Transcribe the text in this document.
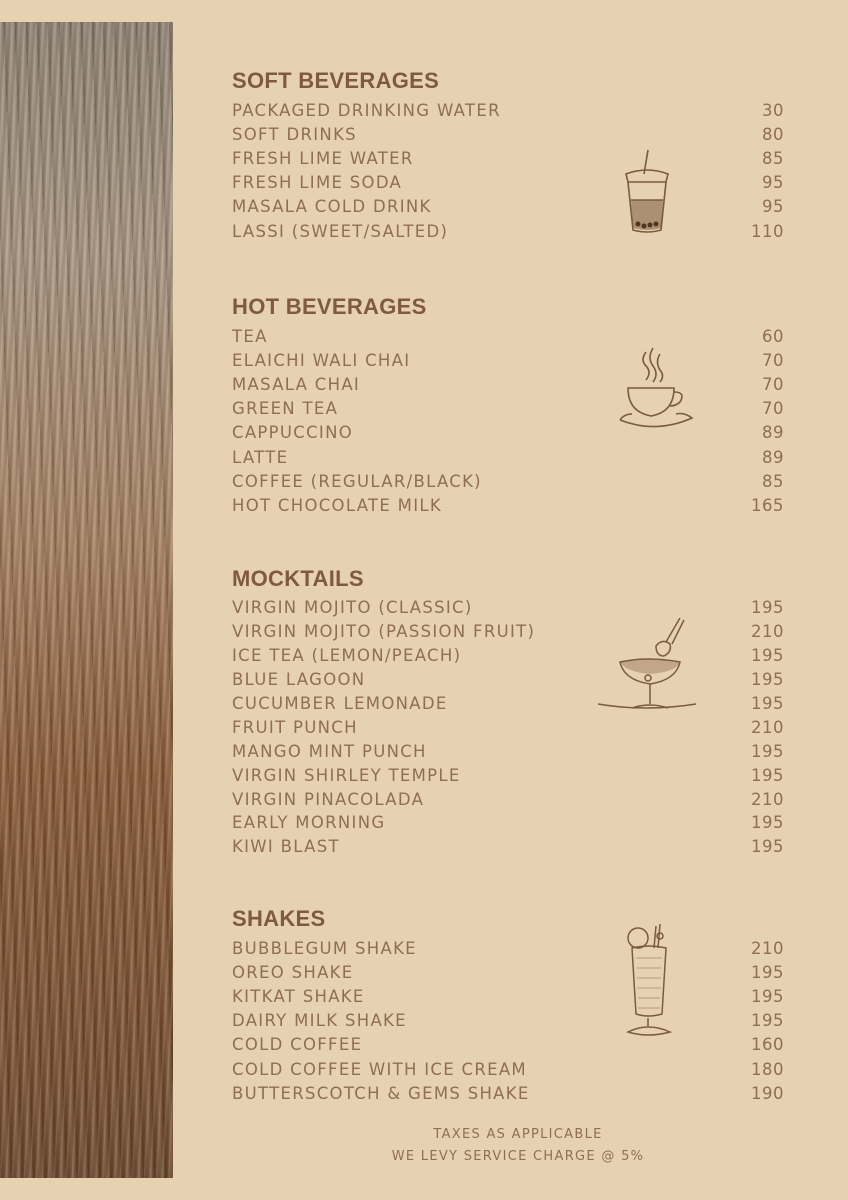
SOFT BEVERAGES
PACKAGED DRINKING WATER	30
SOFT DRINKS	80
FRESH LIME WATER	85
FRESH LIME SODA	95
MASALA COLD DRINK	95
LASSI (SWEET/SALTED)	110
HOT BEVERAGES
TEA	60
ELAICHI WALI CHAI	70
MASALA CHAI	70
GREEN TEA	70
CAPPUCCINO	89
LATTE	89
COFFEE (REGULAR/BLACK)	85
HOT CHOCOLATE MILK	165
MOCKTAILS
VIRGIN MOJITO (CLASSIC)	195
VIRGIN MOJITO (PASSION FRUIT)	210
ICE TEA (LEMON/PEACH)	195
BLUE LAGOON	195
CUCUMBER LEMONADE	195
FRUIT PUNCH	210
MANGO MINT PUNCH	195
VIRGIN SHIRLEY TEMPLE	195
VIRGIN PINACOLADA	210
EARLY MORNING	195
KIWI BLAST	195
SHAKES
BUBBLEGUM SHAKE	210
OREO SHAKE	195
KITKAT SHAKE	195
DAIRY MILK SHAKE	195
COLD COFFEE	160
COLD COFFEE WITH ICE CREAM	180
BUTTERSCOTCH & GEMS SHAKE	190
TAXES AS APPLICABLE
WE LEVY SERVICE CHARGE @ 5%
